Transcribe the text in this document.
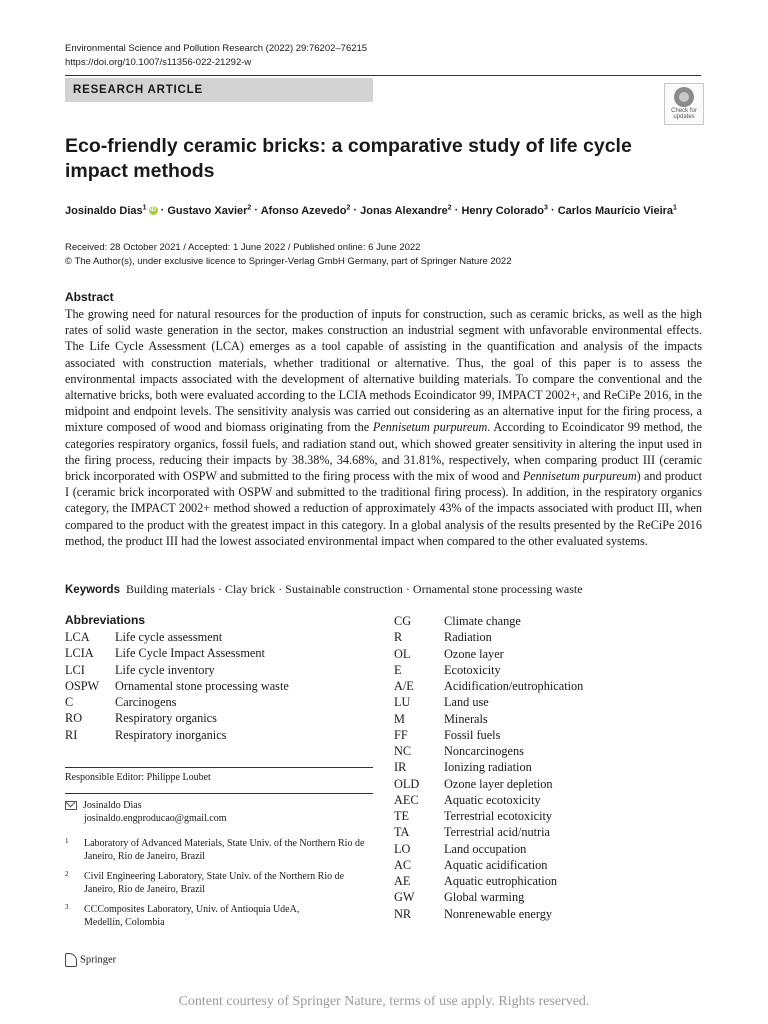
Environmental Science and Pollution Research (2022) 29:76202–76215
https://doi.org/10.1007/s11356-022-21292-w
RESEARCH ARTICLE
Check for updates
Eco-friendly ceramic bricks: a comparative study of life cycle impact methods
Josinaldo Dias$^1$ iD · Gustavo Xavier$^2$ · Afonso Azevedo$^2$ · Jonas Alexandre$^2$ · Henry Colorado$^3$ · Carlos Maurício Vieira$^1$
Received: 28 October 2021 / Accepted: 1 June 2022 / Published online: 6 June 2022
© The Author(s), under exclusive licence to Springer-Verlag GmbH Germany, part of Springer Nature 2022
Abstract
The growing need for natural resources for the production of inputs for construction, such as ceramic bricks, as well as the high rates of solid waste generation in the sector, makes construction an industrial segment with unfavorable environmental effects. The Life Cycle Assessment (LCA) emerges as a tool capable of assisting in the quantification and analysis of the impacts associated with construction materials, whether traditional or alternative. Thus, the goal of this paper is to assess the environmental impacts associated with the development of alternative building materials. To compare the conventional and the alternative bricks, both were evaluated according to the LCIA methods Ecoindicator 99, IMPACT 2002+, and ReCiPe 2016, in the midpoint and endpoint levels. The sensitivity analysis was carried out considering as an alternative input for the firing process, a mixture composed of wood and biomass originating from the Pennisetum purpureum. According to Ecoindicator 99 method, the categories respiratory organics, fossil fuels, and radiation stand out, which showed greater sensitivity in altering the input used in the firing process, reducing their impacts by 38.38%, 34.68%, and 31.81%, respectively, when comparing product III (ceramic brick incorporated with OSPW and submitted to the firing process with the mix of wood and Pennisetum purpureum) and product I (ceramic brick incorporated with OSPW and submitted to the traditional firing process). In addition, in the respiratory organics category, the IMPACT 2002+ method showed a reduction of approximately 43% of the impacts associated with product III, when compared to the product with the greatest impact in this category. In a global analysis of the results presented by the ReCiPe 2016 method, the product III had the lowest associated environmental impact when compared to the other evaluated systems.
Keywords Building materials · Clay brick · Sustainable construction · Ornamental stone processing waste
Abbreviations
LCA	Life cycle assessment
LCIA	Life Cycle Impact Assessment
LCI	Life cycle inventory
OSPW	Ornamental stone processing waste
C	Carcinogens
RO	Respiratory organics
RI	Respiratory inorganics
CG	Climate change
R	Radiation
OL	Ozone layer
E	Ecotoxicity
A/E	Acidification/eutrophication
LU	Land use
M	Minerals
FF	Fossil fuels
NC	Noncarcinogens
IR	Ionizing radiation
OLD	Ozone layer depletion
AEC	Aquatic ecotoxicity
TE	Terrestrial ecotoxicity
TA	Terrestrial acid/nutria
LO	Land occupation
AC	Aquatic acidification
AE	Aquatic eutrophication
GW	Global warming
NR	Nonrenewable energy
Responsible Editor: Philippe Loubet
Josinaldo Dias
josinaldo.engproducao@gmail.com
1 Laboratory of Advanced Materials, State Univ. of the Northern Rio de Janeiro, Rio de Janeiro, Brazil
2 Civil Engineering Laboratory, State Univ. of the Northern Rio de Janeiro, Rio de Janeiro, Brazil
3 CCComposites Laboratory, Univ. of Antioquia UdeA, Medellín, Colombia
Springer
Content courtesy of Springer Nature, terms of use apply. Rights reserved.
